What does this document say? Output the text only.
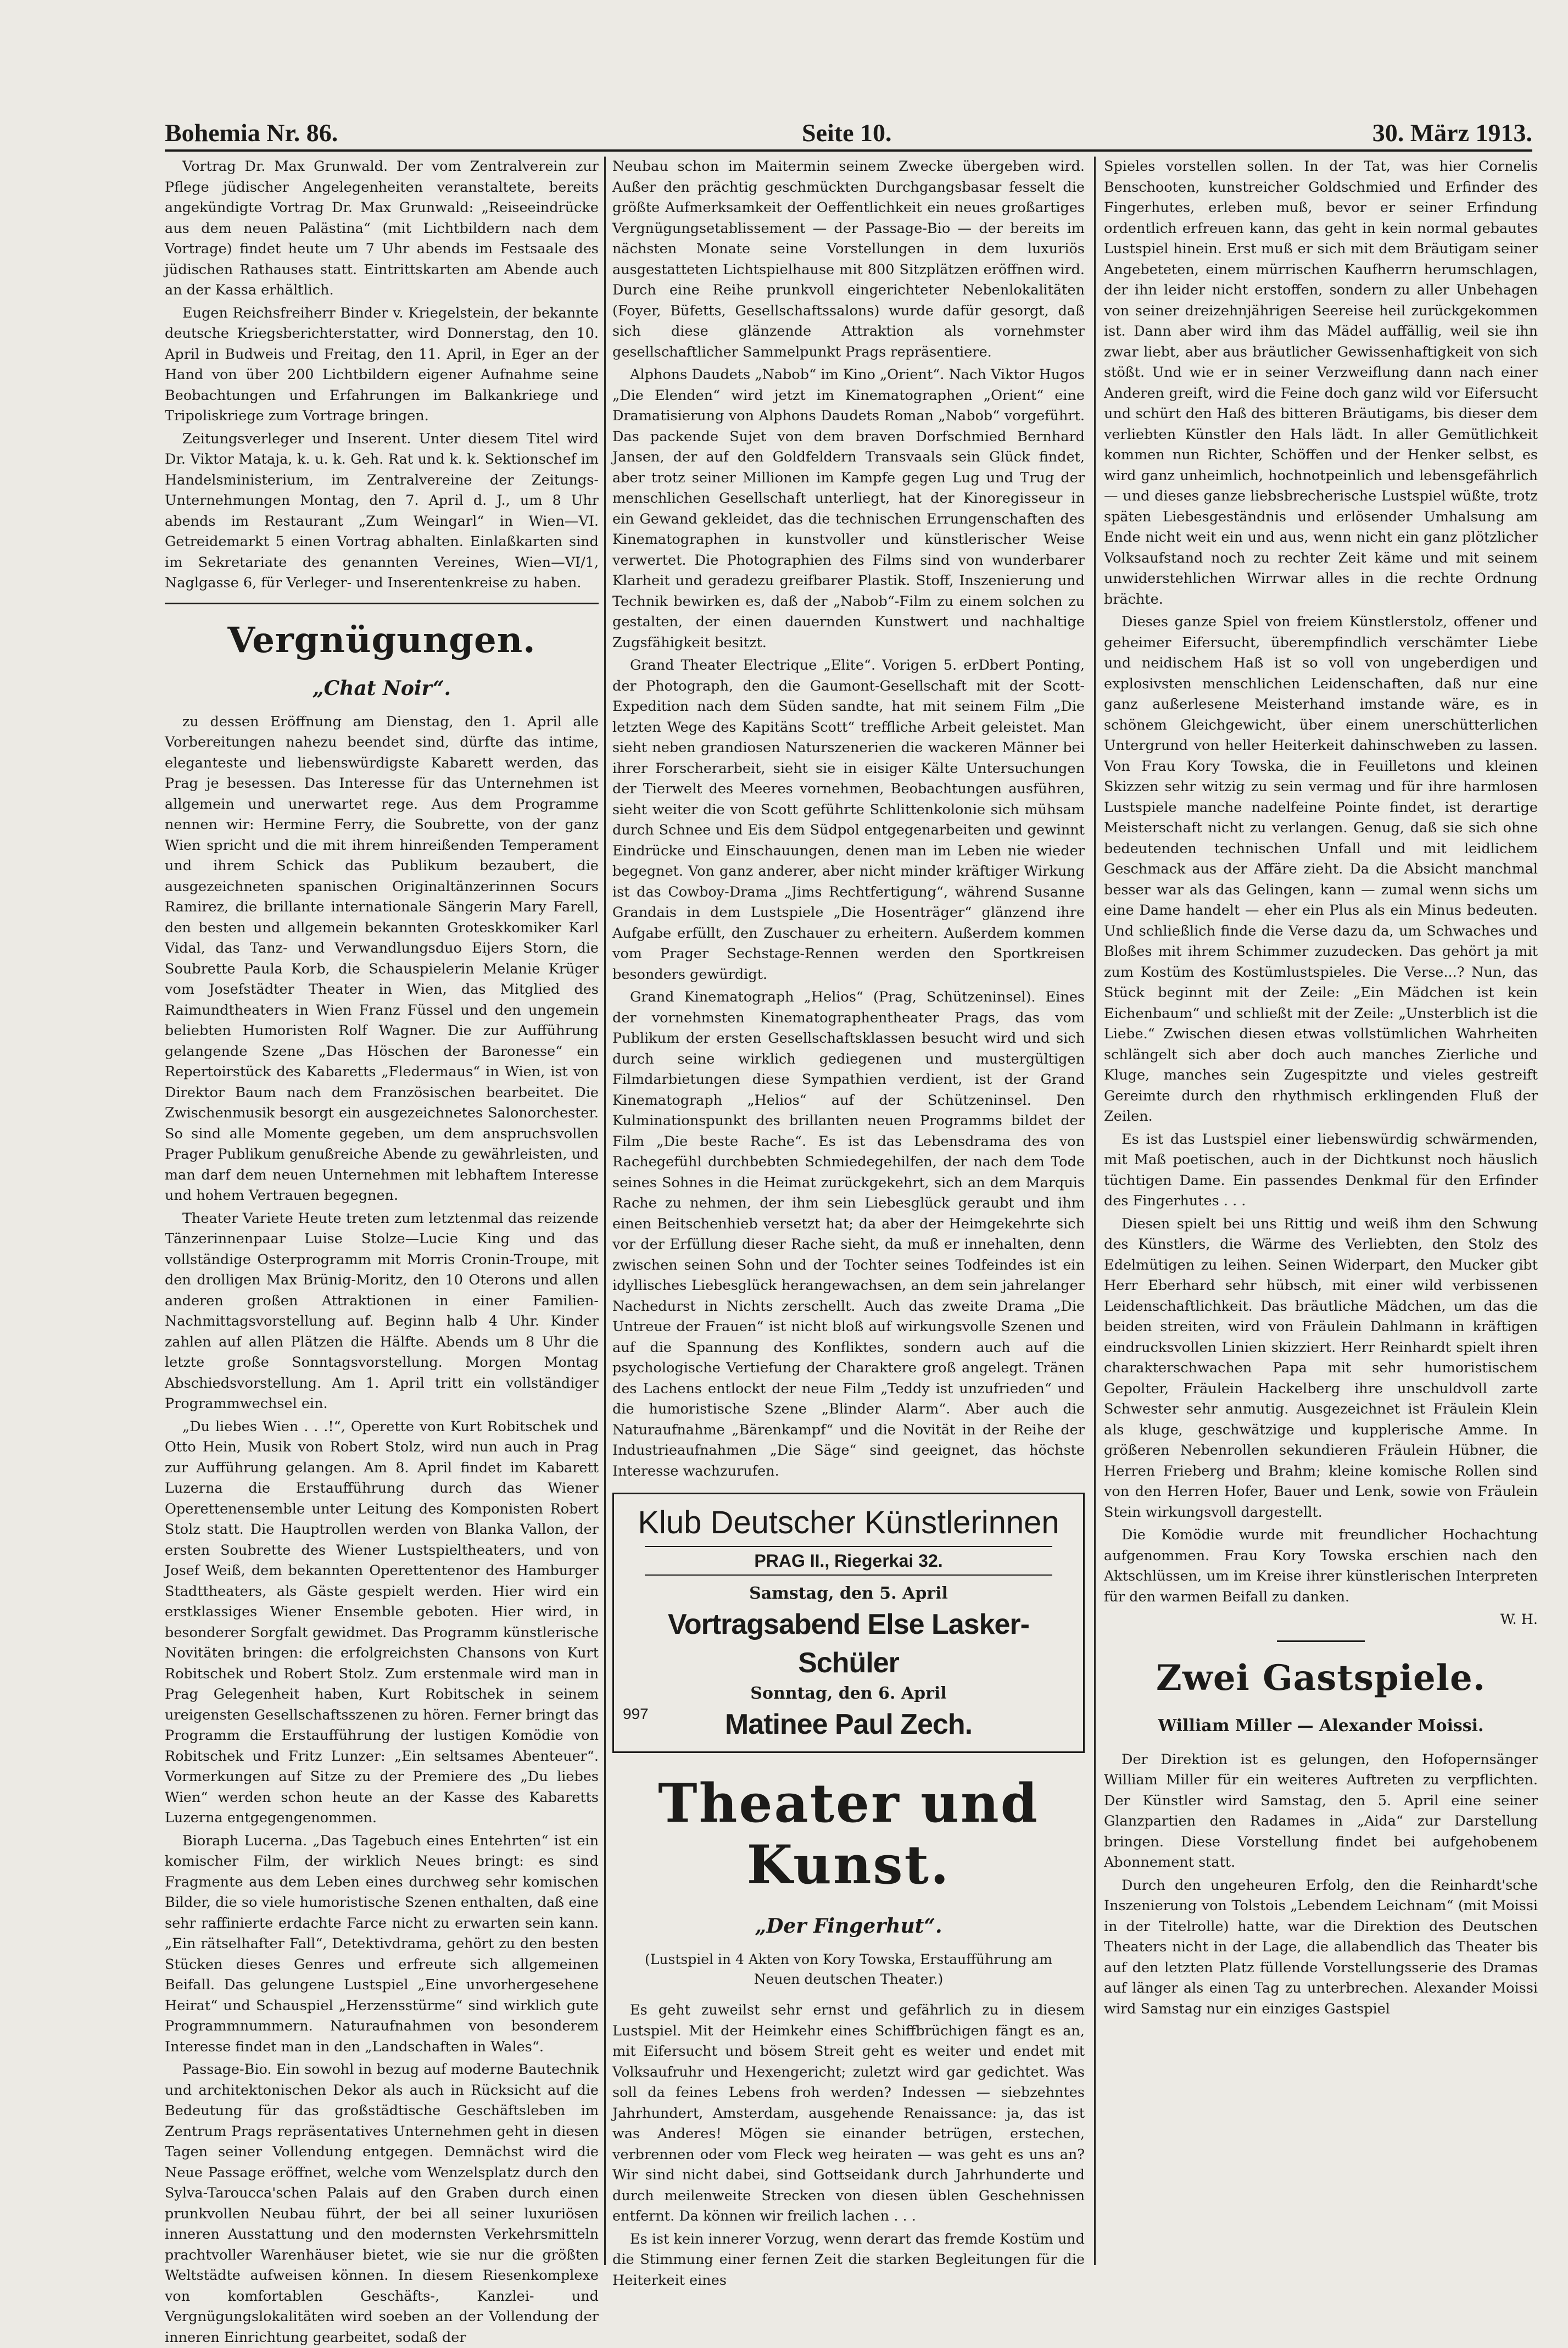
Bohemia Nr. 86.	Seite 10.	30. März 1913.

Vortrag Dr. Max Grunwald. Der vom Zentralverein zur Pflege jüdischer Angelegenheiten veranstaltete, bereits angekündigte Vortrag Dr. Max Grunwald: „Reiseeindrücke aus dem neuen Palästina“ (mit Lichtbildern nach dem Vortrage) findet heute um 7 Uhr abends im Festsaale des jüdischen Rathauses statt. Eintrittskarten am Abende auch an der Kassa erhältlich.

Eugen Reichsfreiherr Binder v. Kriegelstein, der bekannte deutsche Kriegsberichterstatter, wird Donnerstag, den 10. April in Budweis und Freitag, den 11. April, in Eger an der Hand von über 200 Lichtbildern eigener Aufnahme seine Beobachtungen und Erfahrungen im Balkankriege und Tripoliskriege zum Vortrage bringen.

Zeitungsverleger und Inserent. Unter diesem Titel wird Dr. Viktor Mataja, k. u. k. Geh. Rat und k. k. Sektionschef im Handelsministerium, im Zentralvereine der Zeitungs-Unternehmungen Montag, den 7. April d. J., um 8 Uhr abends im Restaurant „Zum Weingarl“ in Wien—VI. Getreidemarkt 5 einen Vortrag abhalten. Einlaßkarten sind im Sekretariate des genannten Vereines, Wien—VI/1, Naglgasse 6, für Verleger- und Inserentenkreise zu haben.

Vergnügungen.
„Chat Noir“.

zu dessen Eröffnung am Dienstag, den 1. April alle Vorbereitungen nahezu beendet sind, dürfte das intime, eleganteste und liebenswürdigste Kabarett werden, das Prag je besessen. Das Interesse für das Unternehmen ist allgemein und unerwartet rege. Aus dem Programme nennen wir: Hermine Ferry, die Soubrette, von der ganz Wien spricht und die mit ihrem hinreißenden Temperament und ihrem Schick das Publikum bezaubert, die ausgezeichneten spanischen Originaltänzerinnen Socurs Ramirez, die brillante internationale Sängerin Mary Farell, den besten und allgemein bekannten Groteskkomiker Karl Vidal, das Tanz- und Verwandlungsduo Eijers Storn, die Soubrette Paula Korb, die Schauspielerin Melanie Krüger vom Josefstädter Theater in Wien, das Mitglied des Raimundtheaters in Wien Franz Füssel und den ungemein beliebten Humoristen Rolf Wagner. Die zur Aufführung gelangende Szene „Das Höschen der Baronesse“ ein Repertoirstück des Kabaretts „Fledermaus“ in Wien, ist von Direktor Baum nach dem Französischen bearbeitet. Die Zwischenmusik besorgt ein ausgezeichnetes Salonorchester. So sind alle Momente gegeben, um dem anspruchsvollen Prager Publikum genußreiche Abende zu gewährleisten, und man darf dem neuen Unternehmen mit lebhaftem Interesse und hohem Vertrauen begegnen.

Theater Variete Heute treten zum letztenmal das reizende Tänzerinnenpaar Luise Stolze—Lucie King und das vollständige Osterprogramm mit Morris Cronin-Troupe, mit den drolligen Max Brünig-Moritz, den 10 Oterons und allen anderen großen Attraktionen in einer Familien-Nachmittagsvorstellung auf. Beginn halb 4 Uhr. Kinder zahlen auf allen Plätzen die Hälfte. Abends um 8 Uhr die letzte große Sonntagsvorstellung. Morgen Montag Abschiedsvorstellung. Am 1. April tritt ein vollständiger Programmwechsel ein.

„Du liebes Wien . . .!“, Operette von Kurt Robitschek und Otto Hein, Musik von Robert Stolz, wird nun auch in Prag zur Aufführung gelangen. Am 8. April findet im Kabarett Luzerna die Erstaufführung durch das Wiener Operettenensemble unter Leitung des Komponisten Robert Stolz statt. Die Hauptrollen werden von Blanka Vallon, der ersten Soubrette des Wiener Lustspieltheaters, und von Josef Weiß, dem bekannten Operettentenor des Hamburger Stadttheaters, als Gäste gespielt werden. Hier wird ein erstklassiges Wiener Ensemble geboten. Hier wird, in besonderer Sorgfalt gewidmet. Das Programm künstlerische Novitäten bringen: die erfolgreichsten Chansons von Kurt Robitschek und Robert Stolz. Zum erstenmale wird man in Prag Gelegenheit haben, Kurt Robitschek in seinem ureigensten Gesellschaftsszenen zu hören. Ferner bringt das Programm die Erstaufführung der lustigen Komödie von Robitschek und Fritz Lunzer: „Ein seltsames Abenteuer“. Vormerkungen auf Sitze zu der Premiere des „Du liebes Wien“ werden schon heute an der Kasse des Kabaretts Luzerna entgegengenommen.

Bioraph Lucerna. „Das Tagebuch eines Entehrten“ ist ein komischer Film, der wirklich Neues bringt: es sind Fragmente aus dem Leben eines durchweg sehr komischen Bilder, die so viele humoristische Szenen enthalten, daß eine sehr raffinierte erdachte Farce nicht zu erwarten sein kann. „Ein rätselhafter Fall“, Detektivdrama, gehört zu den besten Stücken dieses Genres und erfreute sich allgemeinen Beifall. Das gelungene Lustspiel „Eine unvorhergesehene Heirat“ und Schauspiel „Herzensstürme“ sind wirklich gute Programmnummern. Naturaufnahmen von besonderem Interesse findet man in den „Landschaften in Wales“.

Passage-Bio. Ein sowohl in bezug auf moderne Bautechnik und architektonischen Dekor als auch in Rücksicht auf die Bedeutung für das großstädtische Geschäftsleben im Zentrum Prags repräsentatives Unternehmen geht in diesen Tagen seiner Vollendung entgegen. Demnächst wird die Neue Passage eröffnet, welche vom Wenzelsplatz durch den Sylva-Taroucca'schen Palais auf den Graben durch einen prunkvollen Neubau führt, der bei all seiner luxuriösen inneren Ausstattung und den modernsten Verkehrsmitteln prachtvoller Warenhäuser bietet, wie sie nur die größten Weltstädte aufweisen können. In diesem Riesenkomplexe von komfortablen Geschäfts-, Kanzlei- und Vergnügungslokalitäten wird soeben an der Vollendung der inneren Einrichtung gearbeitet, sodaß der

Neubau schon im Maitermin seinem Zwecke übergeben wird. Außer den prächtig geschmückten Durchgangsbasar fesselt die größte Aufmerksamkeit der Oeffentlichkeit ein neues großartiges Vergnügungsetablissement — der Passage-Bio — der bereits im nächsten Monate seine Vorstellungen in dem luxuriös ausgestatteten Lichtspielhause mit 800 Sitzplätzen eröffnen wird. Durch eine Reihe prunkvoll eingerichteter Nebenlokalitäten (Foyer, Büfetts, Gesellschaftssalons) wurde dafür gesorgt, daß sich diese glänzende Attraktion als vornehmster gesellschaftlicher Sammelpunkt Prags repräsentiere.

Alphons Daudets „Nabob“ im Kino „Orient“. Nach Viktor Hugos „Die Elenden“ wird jetzt im Kinematographen „Orient“ eine Dramatisierung von Alphons Daudets Roman „Nabob“ vorgeführt. Das packende Sujet von dem braven Dorfschmied Bernhard Jansen, der auf den Goldfeldern Transvaals sein Glück findet, aber trotz seiner Millionen im Kampfe gegen Lug und Trug der menschlichen Gesellschaft unterliegt, hat der Kinoregisseur in ein Gewand gekleidet, das die technischen Errungenschaften des Kinematographen in kunstvoller und künstlerischer Weise verwertet. Die Photographien des Films sind von wunderbarer Klarheit und geradezu greifbarer Plastik. Stoff, Inszenierung und Technik bewirken es, daß der „Nabob“-Film zu einem solchen zu gestalten, der einen dauernden Kunstwert und nachhaltige Zugsfähigkeit besitzt.

Grand Theater Electrique „Elite“. Vorigen 5. erDbert Ponting, der Photograph, den die Gaumont-Gesellschaft mit der Scott-Expedition nach dem Süden sandte, hat mit seinem Film „Die letzten Wege des Kapitäns Scott“ treffliche Arbeit geleistet. Man sieht neben grandiosen Naturszenerien die wackeren Männer bei ihrer Forscherarbeit, sieht sie in eisiger Kälte Untersuchungen der Tierwelt des Meeres vornehmen, Beobachtungen ausführen, sieht weiter die von Scott geführte Schlittenkolonie sich mühsam durch Schnee und Eis dem Südpol entgegenarbeiten und gewinnt Eindrücke und Einschauungen, denen man im Leben nie wieder begegnet. Von ganz anderer, aber nicht minder kräftiger Wirkung ist das Cowboy-Drama „Jims Rechtfertigung“, während Susanne Grandais in dem Lustspiele „Die Hosenträger“ glänzend ihre Aufgabe erfüllt, den Zuschauer zu erheitern. Außerdem kommen vom Prager Sechstage-Rennen werden den Sportkreisen besonders gewürdigt.

Grand Kinematograph „Helios“ (Prag, Schützeninsel). Eines der vornehmsten Kinematographentheater Prags, das vom Publikum der ersten Gesellschaftsklassen besucht wird und sich durch seine wirklich gediegenen und mustergültigen Filmdarbietungen diese Sympathien verdient, ist der Grand Kinematograph „Helios“ auf der Schützeninsel. Den Kulminationspunkt des brillanten neuen Programms bildet der Film „Die beste Rache“. Es ist das Lebensdrama des von Rachegefühl durchbebten Schmiedegehilfen, der nach dem Tode seines Sohnes in die Heimat zurückgekehrt, sich an dem Marquis Rache zu nehmen, der ihm sein Liebesglück geraubt und ihm einen Beitschenhieb versetzt hat; da aber der Heimgekehrte sich vor der Erfüllung dieser Rache sieht, da muß er innehalten, denn zwischen seinen Sohn und der Tochter seines Todfeindes ist ein idyllisches Liebesglück herangewachsen, an dem sein jahrelanger Nachedurst in Nichts zerschellt. Auch das zweite Drama „Die Untreue der Frauen“ ist nicht bloß auf wirkungsvolle Szenen und auf die Spannung des Konfliktes, sondern auch auf die psychologische Vertiefung der Charaktere groß angelegt. Tränen des Lachens entlockt der neue Film „Teddy ist unzufrieden“ und die humoristische Szene „Blinder Alarm“. Aber auch die Naturaufnahme „Bärenkampf“ und die Novität in der Reihe der Industrieaufnahmen „Die Säge“ sind geeignet, das höchste Interesse wachzurufen.

Klub Deutscher Künstlerinnen
PRAG II., Riegerkai 32.
Samstag, den 5. April
Vortragsabend Else Lasker-Schüler
Sonntag, den 6. April
Matinee Paul Zech.
997
Theater und Kunst.
„Der Fingerhut“.
(Lustspiel in 4 Akten von Kory Towska, Erstaufführung am Neuen deutschen Theater.)

Es geht zuweilst sehr ernst und gefährlich zu in diesem Lustspiel. Mit der Heimkehr eines Schiffbrüchigen fängt es an, mit Eifersucht und bösem Streit geht es weiter und endet mit Volksaufruhr und Hexengericht; zuletzt wird gar gedichtet. Was soll da feines Lebens froh werden? Indessen — siebzehntes Jahrhundert, Amsterdam, ausgehende Renaissance: ja, das ist was Anderes! Mögen sie einander betrügen, erstechen, verbrennen oder vom Fleck weg heiraten — was geht es uns an? Wir sind nicht dabei, sind Gottseidank durch Jahrhunderte und durch meilenweite Strecken von diesen üblen Geschehnissen entfernt. Da können wir freilich lachen . . .

Es ist kein innerer Vorzug, wenn derart das fremde Kostüm und die Stimmung einer fernen Zeit die starken Begleitungen für die Heiterkeit eines

Spieles vorstellen sollen. In der Tat, was hier Cornelis Benschooten, kunstreicher Goldschmied und Erfinder des Fingerhutes, erleben muß, bevor er seiner Erfindung ordentlich erfreuen kann, das geht in kein normal gebautes Lustspiel hinein. Erst muß er sich mit dem Bräutigam seiner Angebeteten, einem mürrischen Kaufherrn herumschlagen, der ihn leider nicht erstoffen, sondern zu aller Unbehagen von seiner dreizehnjährigen Seereise heil zurückgekommen ist. Dann aber wird ihm das Mädel auffällig, weil sie ihn zwar liebt, aber aus bräutlicher Gewissenhaftigkeit von sich stößt. Und wie er in seiner Verzweiflung dann nach einer Anderen greift, wird die Feine doch ganz wild vor Eifersucht und schürt den Haß des bitteren Bräutigams, bis dieser dem verliebten Künstler den Hals lädt. In aller Gemütlichkeit kommen nun Richter, Schöffen und der Henker selbst, es wird ganz unheimlich, hochnotpeinlich und lebensgefährlich — und dieses ganze liebsbrecherische Lustspiel wüßte, trotz späten Liebesgeständnis und erlösender Umhalsung am Ende nicht weit ein und aus, wenn nicht ein ganz plötzlicher Volksaufstand noch zu rechter Zeit käme und mit seinem unwiderstehlichen Wirrwar alles in die rechte Ordnung brächte.

Dieses ganze Spiel von freiem Künstlerstolz, offener und geheimer Eifersucht, überempfindlich verschämter Liebe und neidischem Haß ist so voll von ungeberdigen und explosivsten menschlichen Leidenschaften, daß nur eine ganz außerlesene Meisterhand imstande wäre, es in schönem Gleichgewicht, über einem unerschütterlichen Untergrund von heller Heiterkeit dahinschweben zu lassen. Von Frau Kory Towska, die in Feuilletons und kleinen Skizzen sehr witzig zu sein vermag und für ihre harmlosen Lustspiele manche nadelfeine Pointe findet, ist derartige Meisterschaft nicht zu verlangen. Genug, daß sie sich ohne bedeutenden technischen Unfall und mit leidlichem Geschmack aus der Affäre zieht. Da die Absicht manchmal besser war als das Gelingen, kann — zumal wenn sichs um eine Dame handelt — eher ein Plus als ein Minus bedeuten. Und schließlich finde die Verse dazu da, um Schwaches und Bloßes mit ihrem Schimmer zuzudecken. Das gehört ja mit zum Kostüm des Kostümlustspieles. Die Verse...? Nun, das Stück beginnt mit der Zeile: „Ein Mädchen ist kein Eichenbaum“ und schließt mit der Zeile: „Unsterblich ist die Liebe.“ Zwischen diesen etwas vollstümlichen Wahrheiten schlängelt sich aber doch auch manches Zierliche und Kluge, manches sein Zugespitzte und vieles gestreift Gereimte durch den rhythmisch erklingenden Fluß der Zeilen.

Es ist das Lustspiel einer liebenswürdig schwärmenden, mit Maß poetischen, auch in der Dichtkunst noch häuslich tüchtigen Dame. Ein passendes Denkmal für den Erfinder des Fingerhutes . . .

Diesen spielt bei uns Rittig und weiß ihm den Schwung des Künstlers, die Wärme des Verliebten, den Stolz des Edelmütigen zu leihen. Seinen Widerpart, den Mucker gibt Herr Eberhard sehr hübsch, mit einer wild verbissenen Leidenschaftlichkeit. Das bräutliche Mädchen, um das die beiden streiten, wird von Fräulein Dahlmann in kräftigen eindrucksvollen Linien skizziert. Herr Reinhardt spielt ihren charakterschwachen Papa mit sehr humoristischem Gepolter, Fräulein Hackelberg ihre unschuldvoll zarte Schwester sehr anmutig. Ausgezeichnet ist Fräulein Klein als kluge, geschwätzige und kupplerische Amme. In größeren Nebenrollen sekundieren Fräulein Hübner, die Herren Frieberg und Brahm; kleine komische Rollen sind von den Herren Hofer, Bauer und Lenk, sowie von Fräulein Stein wirkungsvoll dargestellt.

Die Komödie wurde mit freundlicher Hochachtung aufgenommen. Frau Kory Towska erschien nach den Aktschlüssen, um im Kreise ihrer künstlerischen Interpreten für den warmen Beifall zu danken.

W. H.

Zwei Gastspiele.
William Miller — Alexander Moissi.

Der Direktion ist es gelungen, den Hofopernsänger William Miller für ein weiteres Auftreten zu verpflichten. Der Künstler wird Samstag, den 5. April eine seiner Glanzpartien den Radames in „Aida“ zur Darstellung bringen. Diese Vorstellung findet bei aufgehobenem Abonnement statt.

Durch den ungeheuren Erfolg, den die Reinhardt'sche Inszenierung von Tolstois „Lebendem Leichnam“ (mit Moissi in der Titelrolle) hatte, war die Direktion des Deutschen Theaters nicht in der Lage, die allabendlich das Theater bis auf den letzten Platz füllende Vorstellungsserie des Dramas auf länger als einen Tag zu unterbrechen. Alexander Moissi wird Samstag nur ein einziges Gastspiel
